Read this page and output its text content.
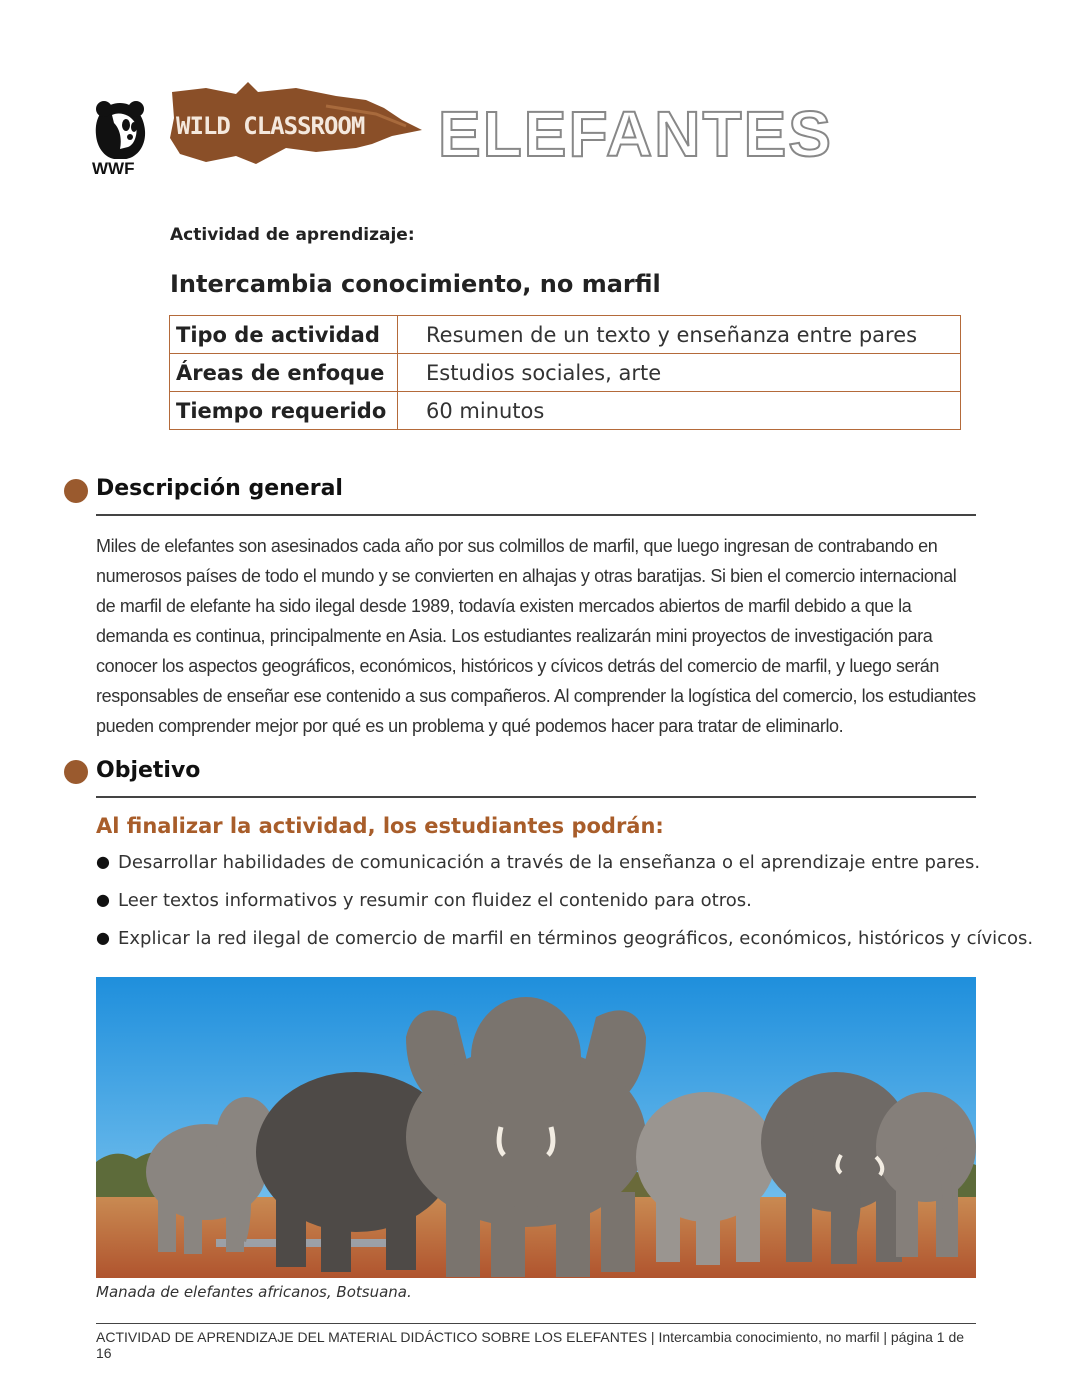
WWF
WILD CLASSROOM ELEFANTES
Actividad de aprendizaje:
Intercambia conocimiento, no marfil
Tipo de actividad	Resumen de un texto y enseñanza entre pares
Áreas de enfoque	Estudios sociales, arte
Tiempo requerido	60 minutos
Descripción general
Miles de elefantes son asesinados cada año por sus colmillos de marfil, que luego ingresan de contrabando en numerosos países de todo el mundo y se convierten en alhajas y otras baratijas. Si bien el comercio internacional de marfil de elefante ha sido ilegal desde 1989, todavía existen mercados abiertos de marfil debido a que la demanda es continua, principalmente en Asia. Los estudiantes realizarán mini proyectos de investigación para conocer los aspectos geográficos, económicos, históricos y cívicos detrás del comercio de marfil, y luego serán responsables de enseñar ese contenido a sus compañeros. Al comprender la logística del comercio, los estudiantes pueden comprender mejor por qué es un problema y qué podemos hacer para tratar de eliminarlo.
Objetivo
Al finalizar la actividad, los estudiantes podrán:
● Desarrollar habilidades de comunicación a través de la enseñanza o el aprendizaje entre pares.
● Leer textos informativos y resumir con fluidez el contenido para otros.
● Explicar la red ilegal de comercio de marfil en términos geográficos, económicos, históricos y cívicos.
Manada de elefantes africanos, Botsuana.
ACTIVIDAD DE APRENDIZAJE DEL MATERIAL DIDÁCTICO SOBRE LOS ELEFANTES | Intercambia conocimiento, no marfil | página 1 de 16
